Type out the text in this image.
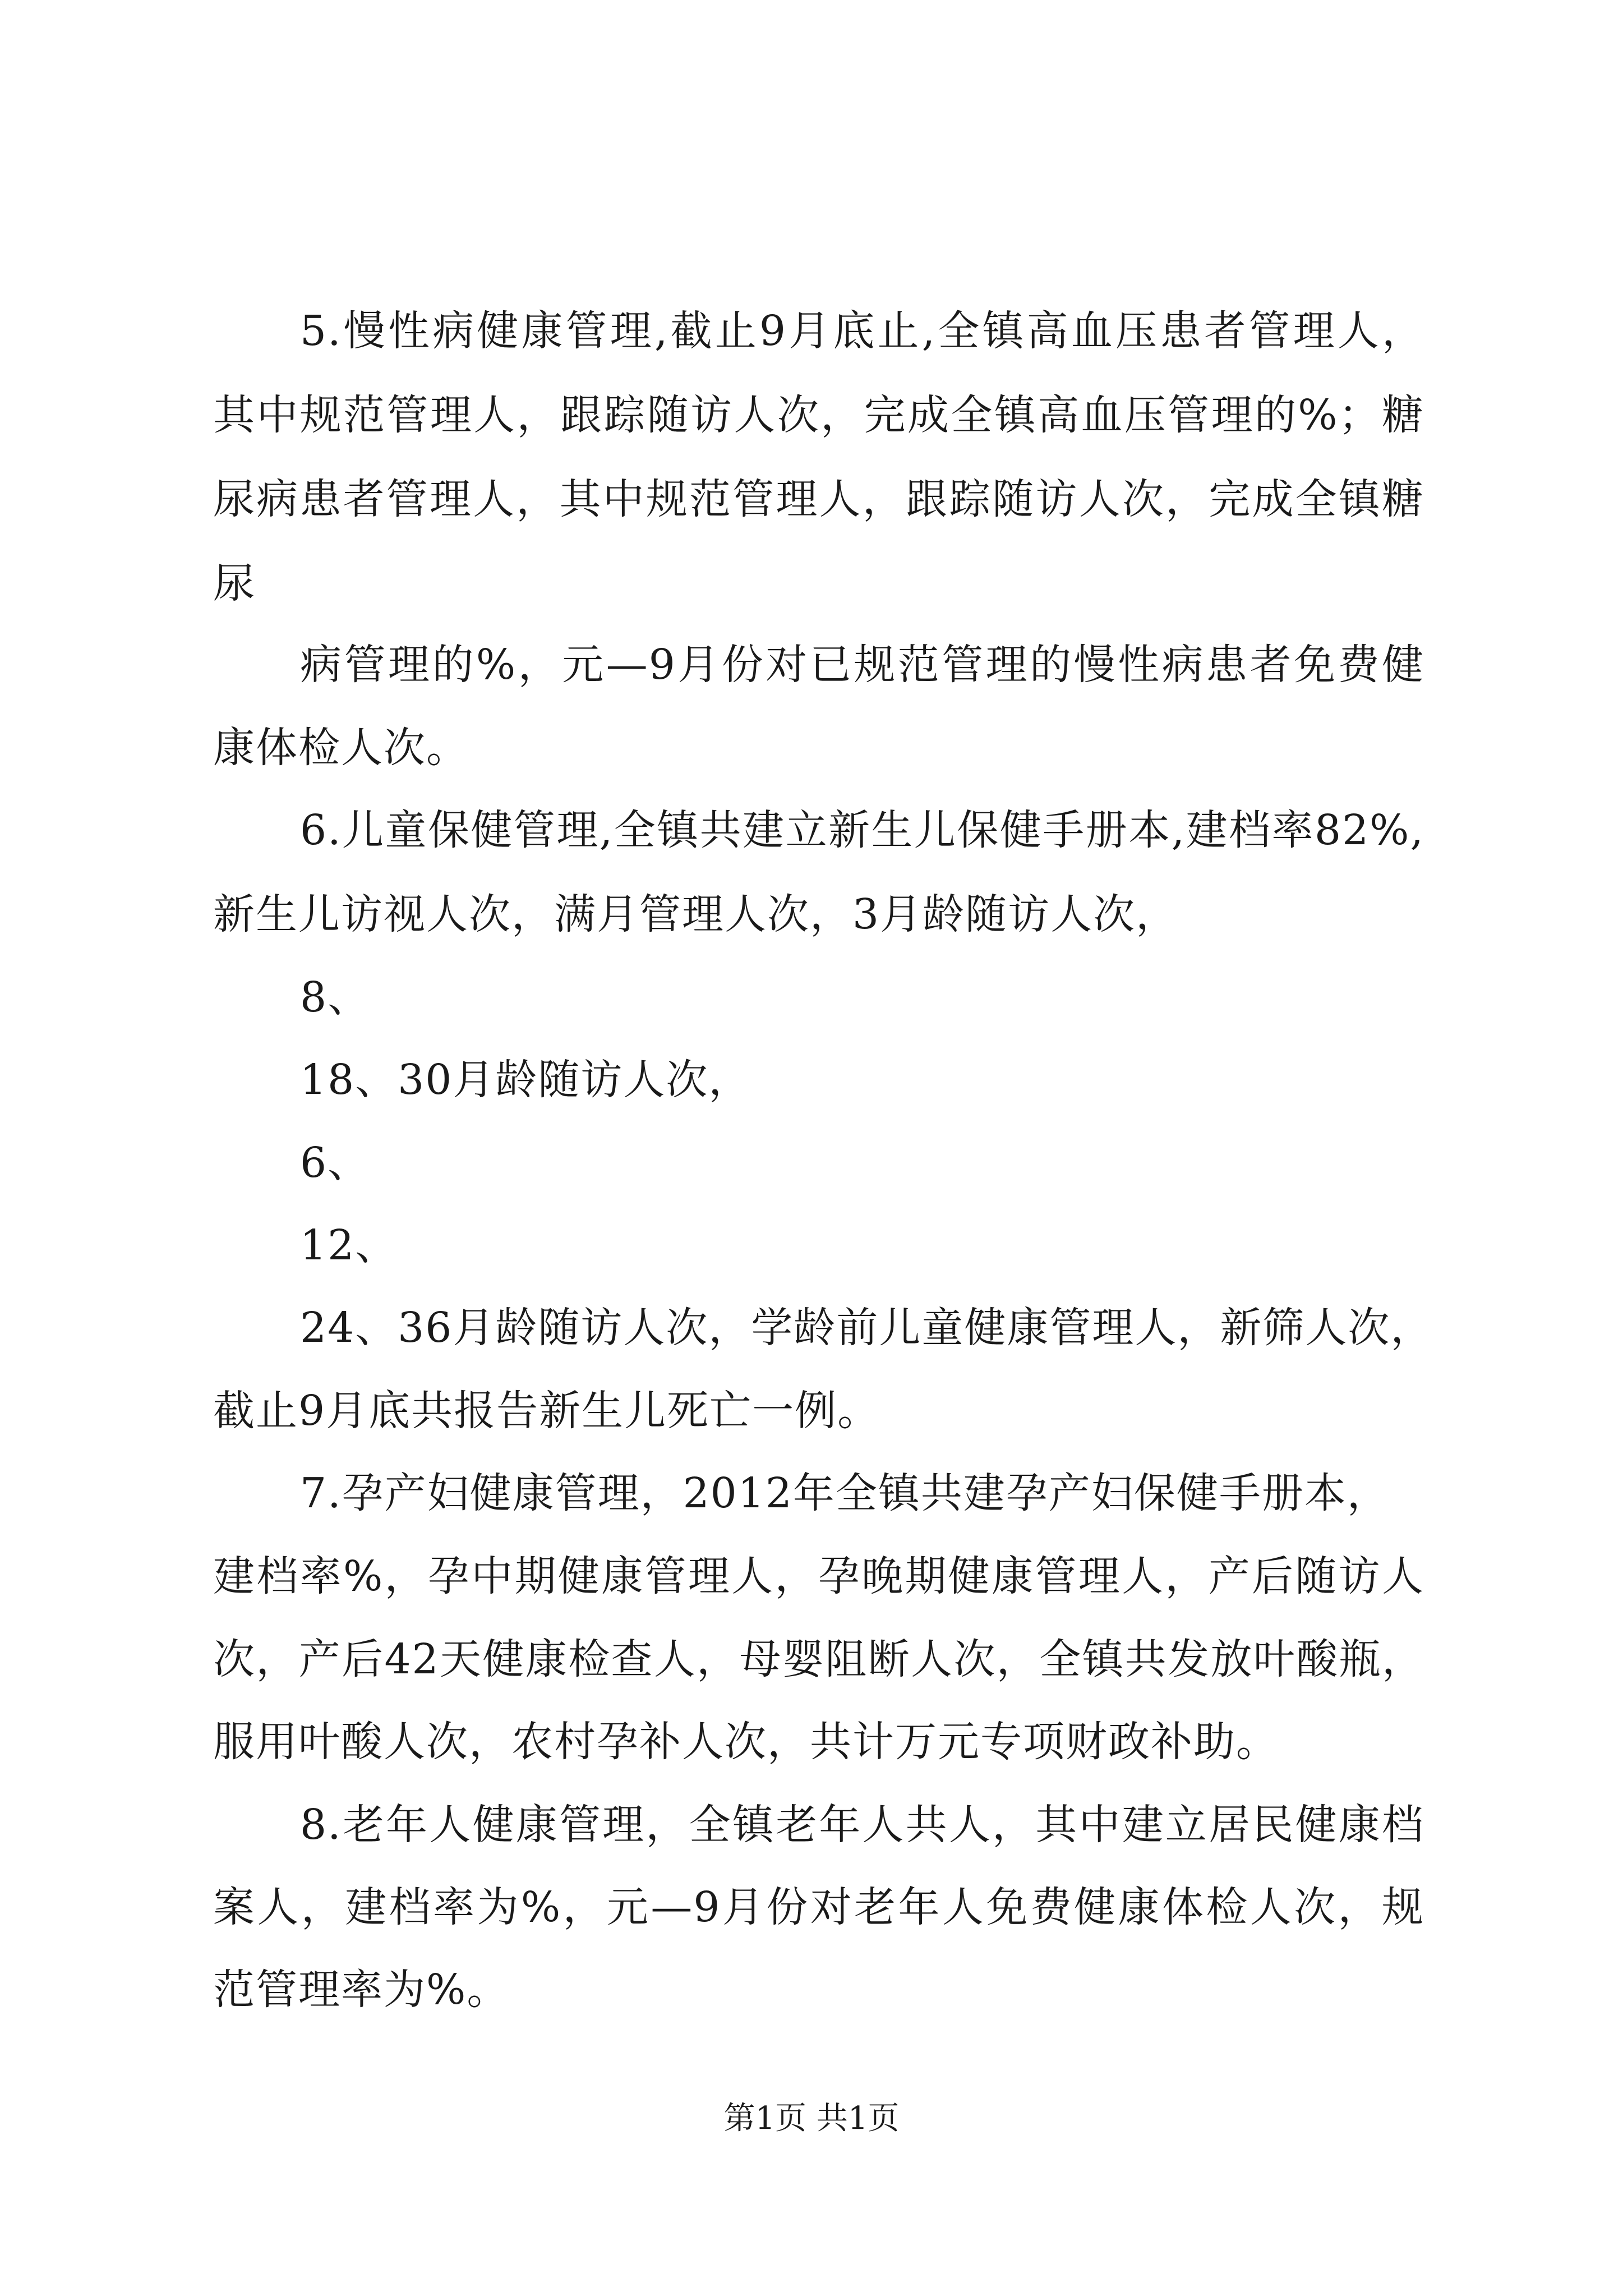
5.慢性病健康管理,截止9月底止,全镇高血压患者管理人，
其中规范管理人，跟踪随访人次，完成全镇高血压管理的%；糖
尿病患者管理人，其中规范管理人，跟踪随访人次，完成全镇糖
尿
病管理的%，元—9月份对已规范管理的慢性病患者免费健
康体检人次。
6.儿童保健管理,全镇共建立新生儿保健手册本,建档率82%,
新生儿访视人次，满月管理人次，3月龄随访人次，
8、
18、30月龄随访人次，
6、
12、
24、36月龄随访人次，学龄前儿童健康管理人，新筛人次，
截止9月底共报告新生儿死亡一例。
7.孕产妇健康管理，2012年全镇共建孕产妇保健手册本，
建档率%，孕中期健康管理人，孕晚期健康管理人，产后随访人
次，产后42天健康检查人，母婴阻断人次，全镇共发放叶酸瓶，
服用叶酸人次，农村孕补人次，共计万元专项财政补助。
8.老年人健康管理，全镇老年人共人，其中建立居民健康档
案人，建档率为%，元—9月份对老年人免费健康体检人次，规
范管理率为%。
第1页 共1页
